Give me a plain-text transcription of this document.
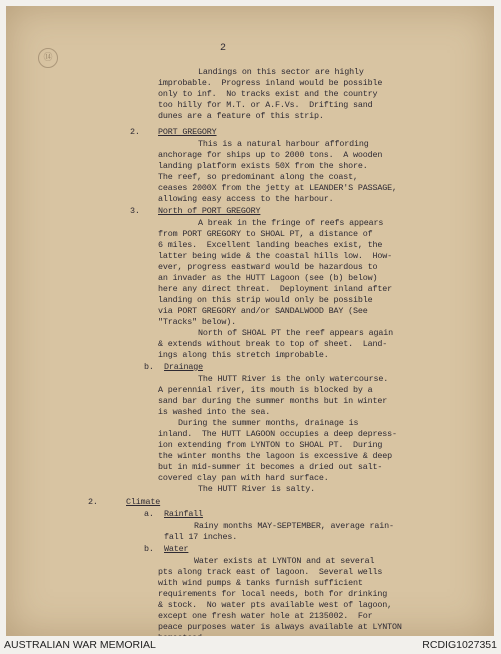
⑭
2
Landings on this sector are highly
improbable.  Progress inland would be possible
only to inf.  No tracks exist and the country
too hilly for M.T. or A.F.Vs.  Drifting sand
dunes are a feature of this strip.
2. PORT GREGORY
This is a natural harbour affording
anchorage for ships up to 2000 tons.  A wooden
landing platform exists 50X from the shore.
The reef, so predominant along the coast,
ceases 2000X from the jetty at LEANDER'S PASSAGE,
allowing easy access to the harbour.
3. North of PORT GREGORY
A break in the fringe of reefs appears
from PORT GREGORY to SHOAL PT, a distance of
6 miles.  Excellent landing beaches exist, the
latter being wide & the coastal hills low.  How-
ever, progress eastward would be hazardous to
an invader as the HUTT Lagoon (see (b) below)
here any direct threat.  Deployment inland after
landing on this strip would only be possible
via PORT GREGORY and/or SANDALWOOD BAY (See
"Tracks" below).
North of SHOAL PT the reef appears again
& extends without break to top of sheet.  Land-
ings along this stretch improbable.
b. Drainage
The HUTT River is the only watercourse.
A perennial river, its mouth is blocked by a
sand bar during the summer months but in winter
is washed into the sea.
During the summer months, drainage is
inland.  The HUTT LAGOON occupies a deep depress-
ion extending from LYNTON to SHOAL PT.  During
the winter months the lagoon is excessive & deep
but in mid-summer it becomes a dried out salt-
covered clay pan with hard surface.
The HUTT River is salty.
2.	Climate
a. Rainfall
Rainy months MAY-SEPTEMBER, average rain-
fall 17 inches.
b. Water
Water exists at LYNTON and at several
pts along track east of lagoon.  Several wells
with wind pumps & tanks furnish sufficient
requirements for local needs, both for drinking
& stock.  No water pts available west of lagoon,
except one fresh water hole at 2135002.  For
peace purposes water is always available at LYNTON
AUSTRALIAN WAR MEMORIAL	RCDIG1027351
